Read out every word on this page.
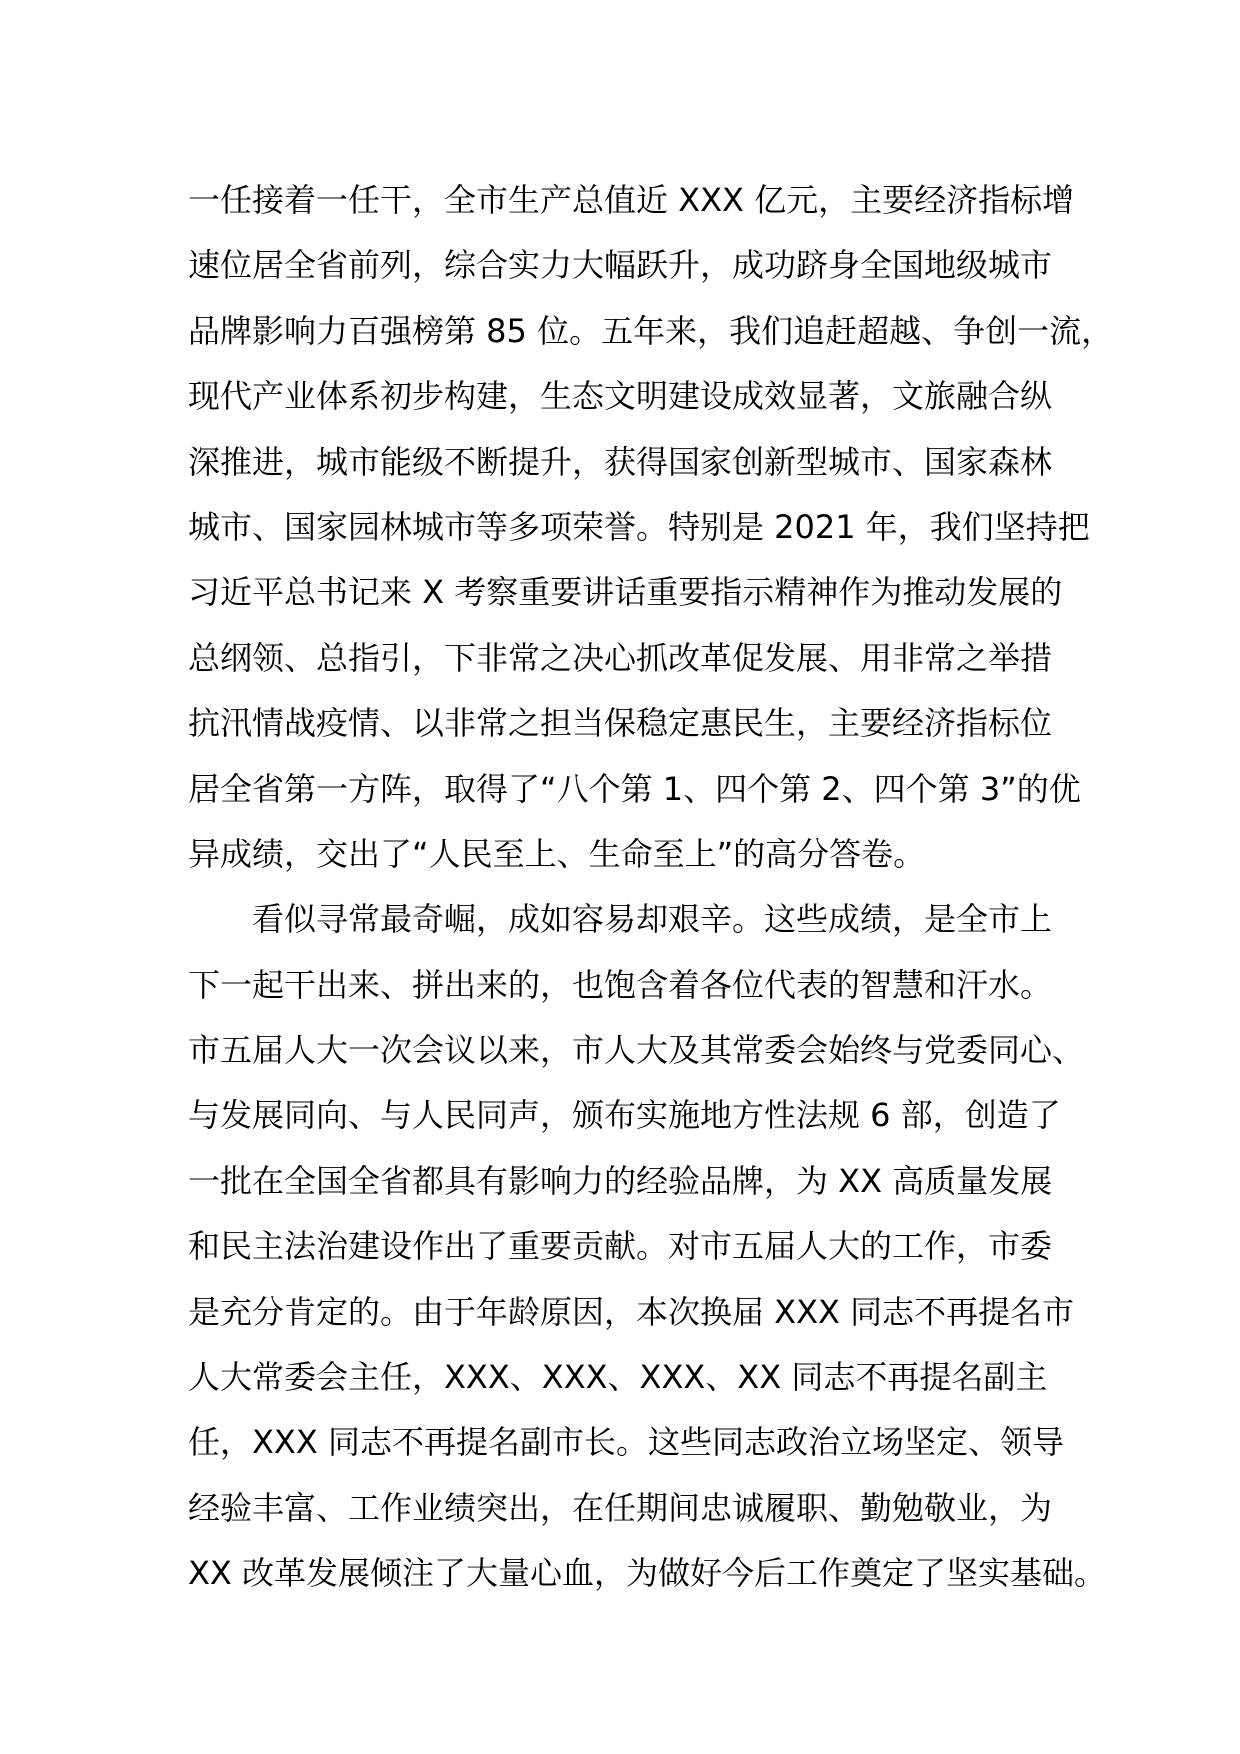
一任接着一任干，全市生产总值近 XXX 亿元，主要经济指标增
速位居全省前列，综合实力大幅跃升，成功跻身全国地级城市
品牌影响力百强榜第 85 位。五年来，我们追赶超越、争创一流，
现代产业体系初步构建，生态文明建设成效显著，文旅融合纵
深推进，城市能级不断提升，获得国家创新型城市、国家森林
城市、国家园林城市等多项荣誉。特别是 2021 年，我们坚持把
习近平总书记来 X 考察重要讲话重要指示精神作为推动发展的
总纲领、总指引，下非常之决心抓改革促发展、用非常之举措
抗汛情战疫情、以非常之担当保稳定惠民生，主要经济指标位
居全省第一方阵，取得了“八个第 1、四个第 2、四个第 3”的优
异成绩，交出了“人民至上、生命至上”的高分答卷。
看似寻常最奇崛，成如容易却艰辛。这些成绩，是全市上
下一起干出来、拼出来的，也饱含着各位代表的智慧和汗水。
市五届人大一次会议以来，市人大及其常委会始终与党委同心、
与发展同向、与人民同声，颁布实施地方性法规 6 部，创造了
一批在全国全省都具有影响力的经验品牌，为 XX 高质量发展
和民主法治建设作出了重要贡献。对市五届人大的工作，市委
是充分肯定的。由于年龄原因，本次换届 XXX 同志不再提名市
人大常委会主任，XXX、XXX、XXX、XX 同志不再提名副主
任，XXX 同志不再提名副市长。这些同志政治立场坚定、领导
经验丰富、工作业绩突出，在任期间忠诚履职、勤勉敬业，为
XX 改革发展倾注了大量心血，为做好今后工作奠定了坚实基础。
